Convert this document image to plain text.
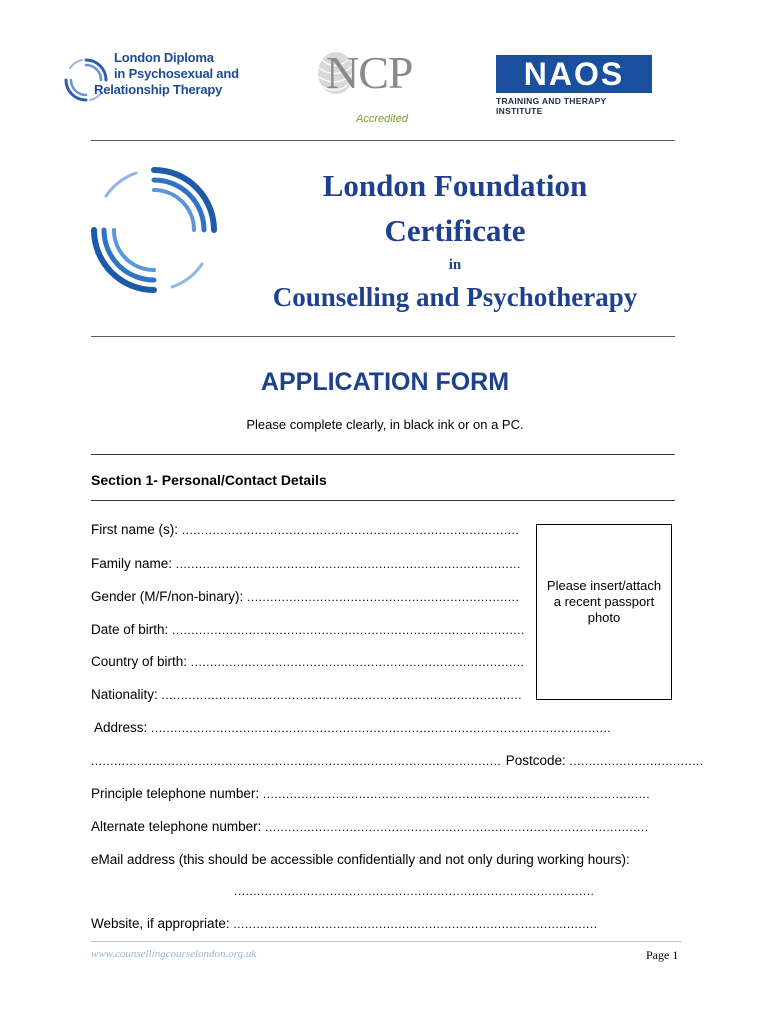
London Diploma
in Psychosexual and
Relationship Therapy NCP
Accredited
NAOS
TRAINING AND THERAPY INSTITUTE
London Foundation
Certificate
in
Counselling and Psychotherapy
APPLICATION FORM
Please complete clearly, in black ink or on a PC.
Section 1- Personal/Contact Details
Please insert/attach
a recent passport
photo
First name (s): ........................................................................................
Family name: ..........................................................................................
Gender (M/F/non-binary): .......................................................................
Date of birth: ............................................................................................
Country of birth: .......................................................................................
Nationality: ..............................................................................................
Address: ........................................................................................................................
........................................................................................................... Postcode: ...................................
Principle telephone number: .....................................................................................................
Alternate telephone number: ....................................................................................................
eMail address (this should be accessible confidentially and not only during working hours):
..............................................................................................
Website, if appropriate: ...............................................................................................
www.counsellingcourselondon.org.uk	Page 1
